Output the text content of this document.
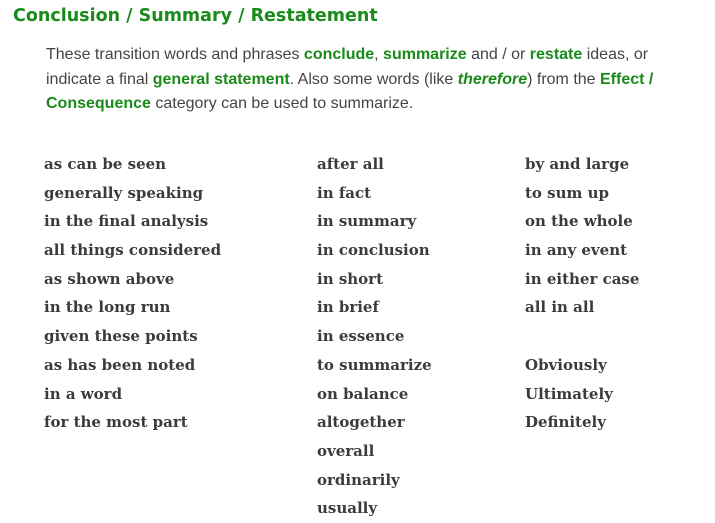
Conclusion / Summary / Restatement

These transition words and phrases conclude, summarize and / or restate ideas, or indicate a final general statement. Also some words (like therefore) from the Effect / Consequence category can be used to summarize.

as can be seen
generally speaking
in the final analysis
all things considered
as shown above
in the long run
given these points
as has been noted
in a word
for the most part
after all
in fact
in summary
in conclusion
in short
in brief
in essence
to summarize
on balance
altogether
overall
ordinarily
usually
by and large
to sum up
on the whole
in any event
in either case
all in all
Obviously
Ultimately
Definitely
